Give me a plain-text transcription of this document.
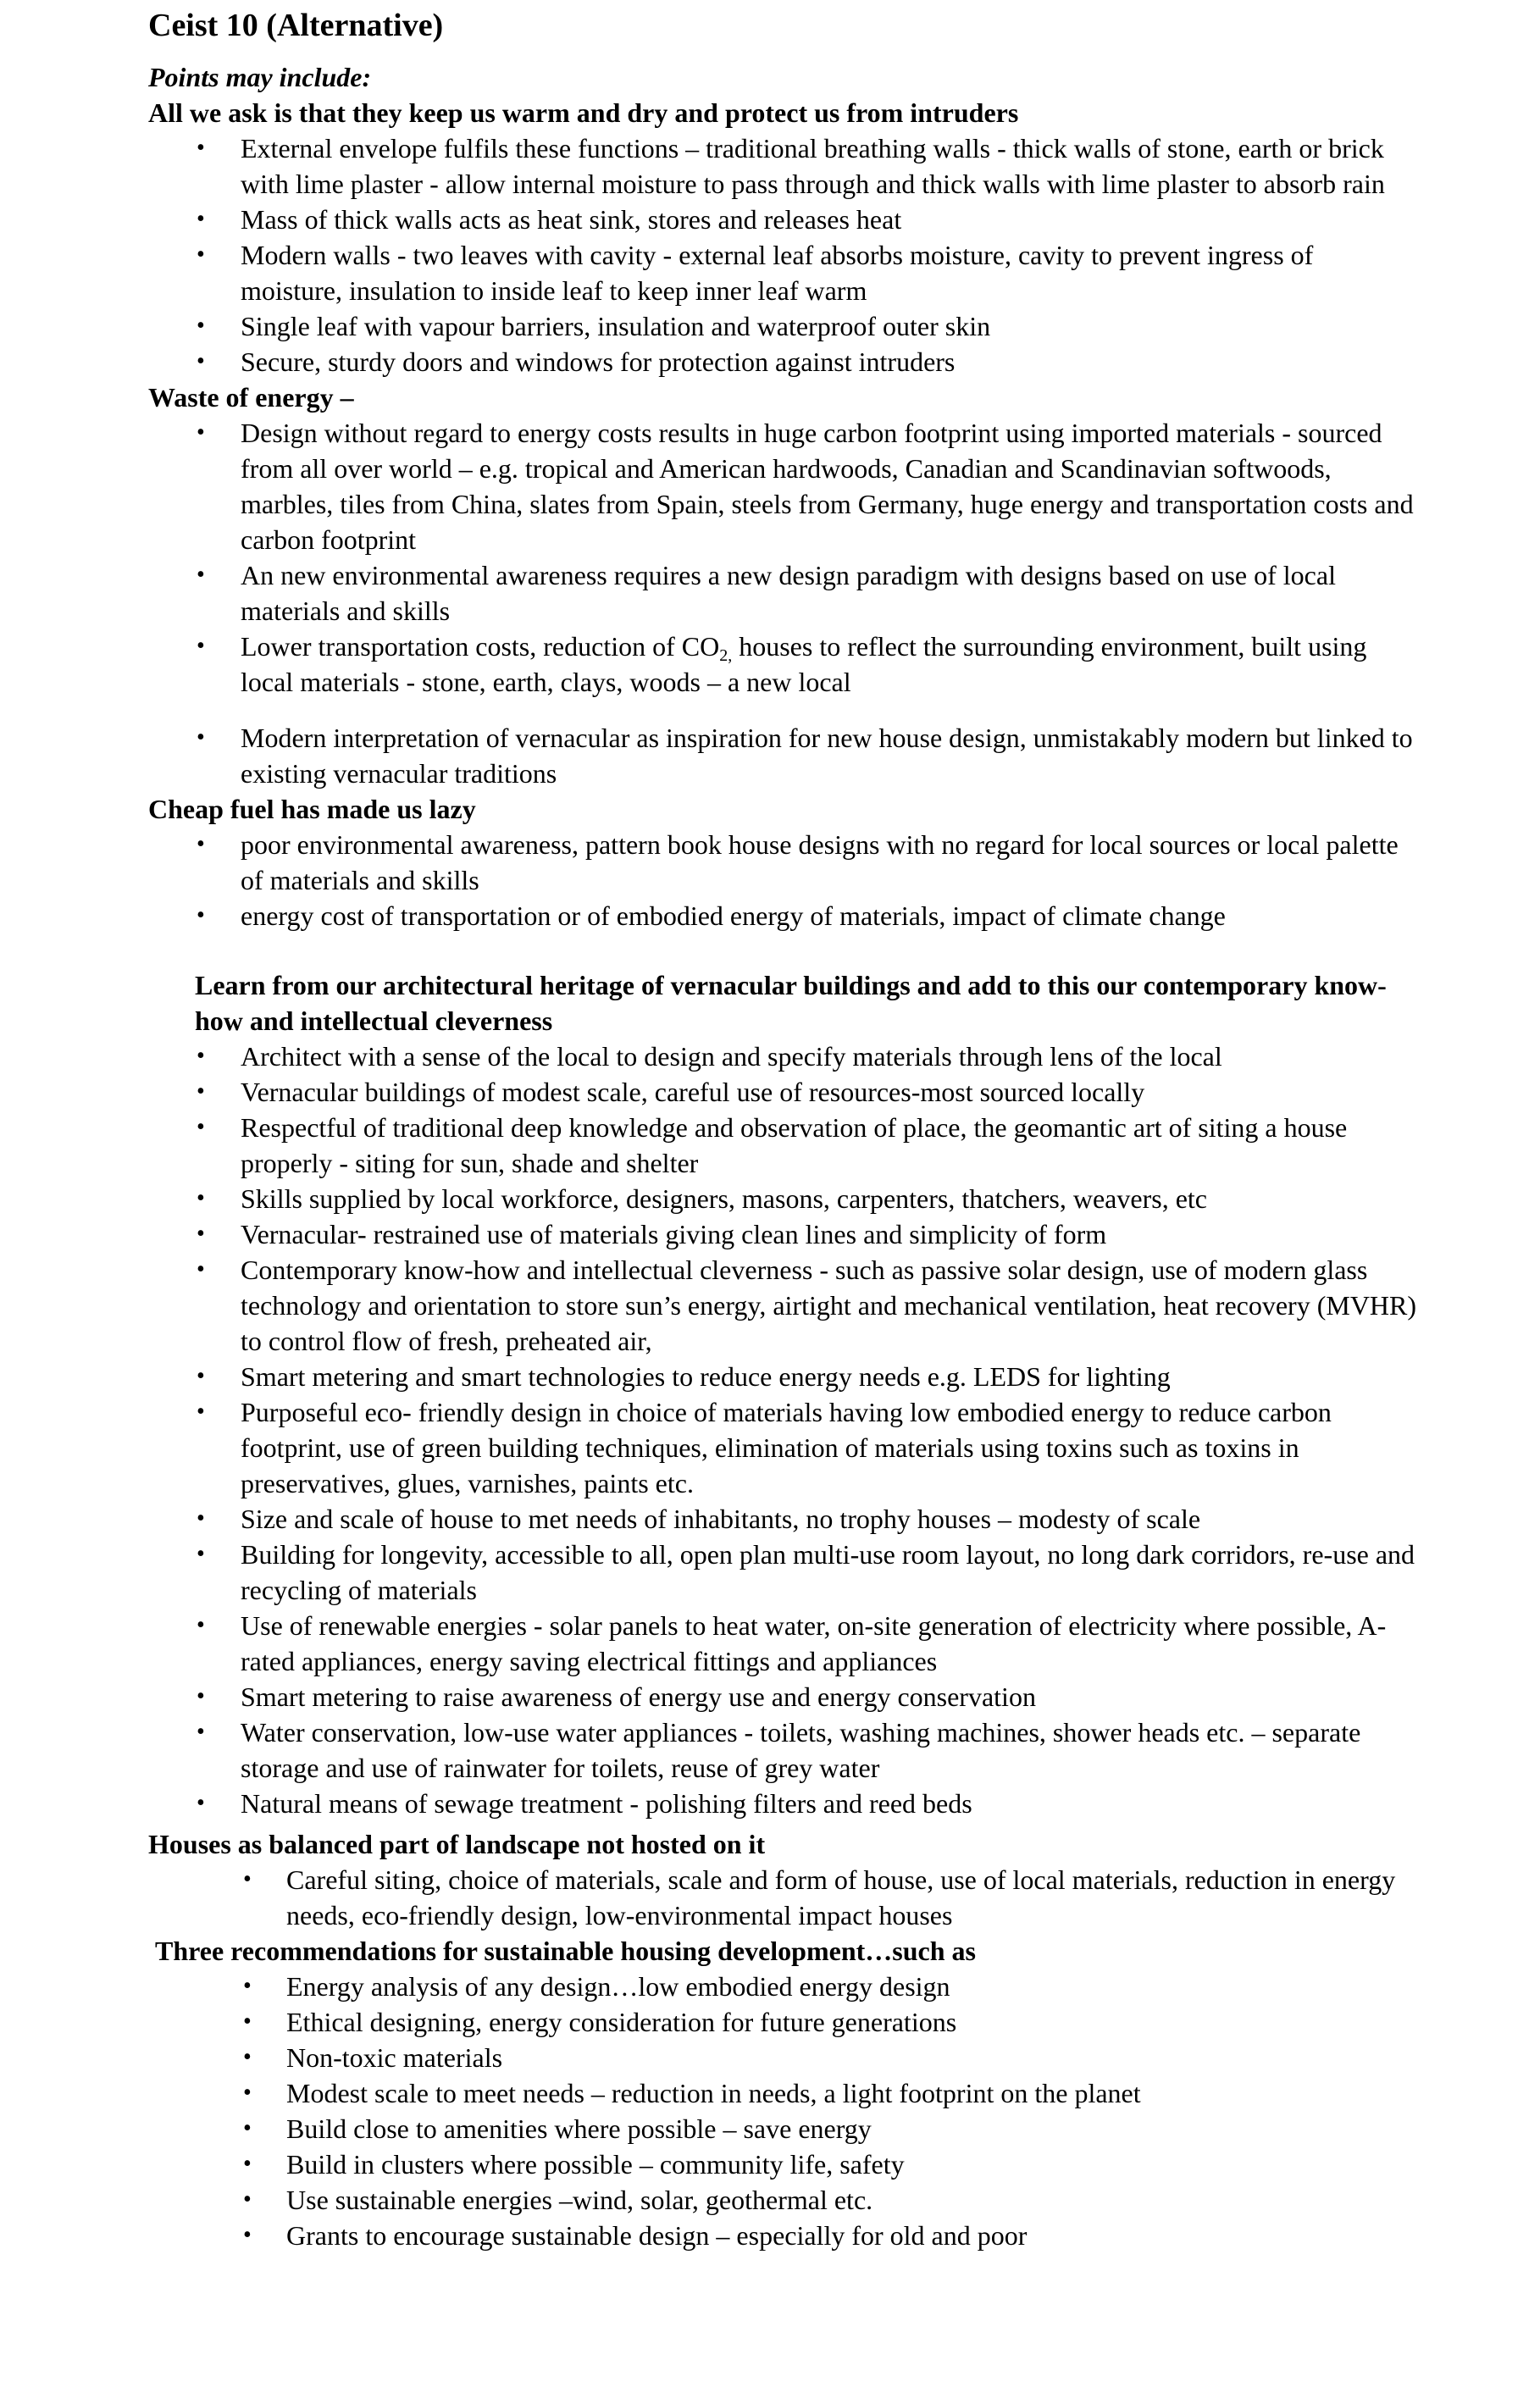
Ceist 10 (Alternative)
Points may include:
All we ask is that they keep us warm and dry and protect us from intruders
•	External envelope fulfils these functions – traditional breathing walls - thick walls of stone, earth or brick with lime plaster - allow internal moisture to pass through and thick walls with lime plaster to absorb rain
•	Mass of thick walls acts as heat sink, stores and releases heat
•	Modern walls - two leaves with cavity - external leaf absorbs moisture, cavity to prevent ingress of moisture, insulation to inside leaf to keep inner leaf warm
•	Single leaf with vapour barriers, insulation and waterproof outer skin
•	Secure, sturdy doors and windows for protection against intruders
Waste of energy –
•	Design without regard to energy costs results in huge carbon footprint using imported materials - sourced from all over world – e.g. tropical and American hardwoods, Canadian and Scandinavian softwoods, marbles, tiles from China, slates from Spain, steels from Germany, huge energy and transportation costs and carbon footprint
•	An new environmental awareness requires a new design paradigm with designs based on use of local materials and skills
•	Lower transportation costs, reduction of $CO_{2,}$ houses to reflect the surrounding environment, built using local materials - stone, earth, clays, woods – a new local
•	Modern interpretation of vernacular as inspiration for new house design, unmistakably modern but linked to existing vernacular traditions
Cheap fuel has made us lazy
•	poor environmental awareness, pattern book house designs with no regard for local sources or local palette of materials and skills
•	energy cost of transportation or of embodied energy of materials, impact of climate change
Learn from our architectural heritage of vernacular buildings and add to this our contemporary know-how and intellectual cleverness
•	Architect with a sense of the local to design and specify materials through lens of the local
•	Vernacular buildings of modest scale, careful use of resources-most sourced locally
•	Respectful of traditional deep knowledge and observation of place, the geomantic art of siting a house properly - siting for sun, shade and shelter
•	Skills supplied by local workforce, designers, masons, carpenters, thatchers, weavers, etc
•	Vernacular- restrained use of materials giving clean lines and simplicity of form
•	Contemporary know-how and intellectual cleverness - such as passive solar design, use of modern glass technology and orientation to store sun’s energy, airtight and mechanical ventilation, heat recovery (MVHR) to control flow of fresh, preheated air,
•	Smart metering and smart technologies to reduce energy needs e.g. LEDS for lighting
•	Purposeful eco- friendly design in choice of materials having low embodied energy to reduce carbon footprint, use of green building techniques, elimination of materials using toxins such as toxins in preservatives, glues, varnishes, paints etc.
•	Size and scale of house to met needs of inhabitants, no trophy houses – modesty of scale
•	Building for longevity, accessible to all, open plan multi-use room layout, no long dark corridors, re-use and recycling of materials
•	Use of renewable energies - solar panels to heat water, on-site generation of electricity where possible, A-rated appliances, energy saving electrical fittings and appliances
•	Smart metering to raise awareness of energy use and energy conservation
•	Water conservation, low-use water appliances - toilets, washing machines, shower heads etc. – separate storage and use of rainwater for toilets, reuse of grey water
•	Natural means of sewage treatment - polishing filters and reed beds
Houses as balanced part of landscape not hosted on it
•	Careful siting, choice of materials, scale and form of house, use of local materials, reduction in energy needs, eco-friendly design, low-environmental impact houses
Three recommendations for sustainable housing development…such as
•	Energy analysis of any design…low embodied energy design
•	Ethical designing, energy consideration for future generations
•	Non-toxic materials
•	Modest scale to meet needs – reduction in needs, a light footprint on the planet
•	Build close to amenities where possible – save energy
•	Build in clusters where possible – community life, safety
•	Use sustainable energies –wind, solar, geothermal etc.
•	Grants to encourage sustainable design – especially for old and poor
